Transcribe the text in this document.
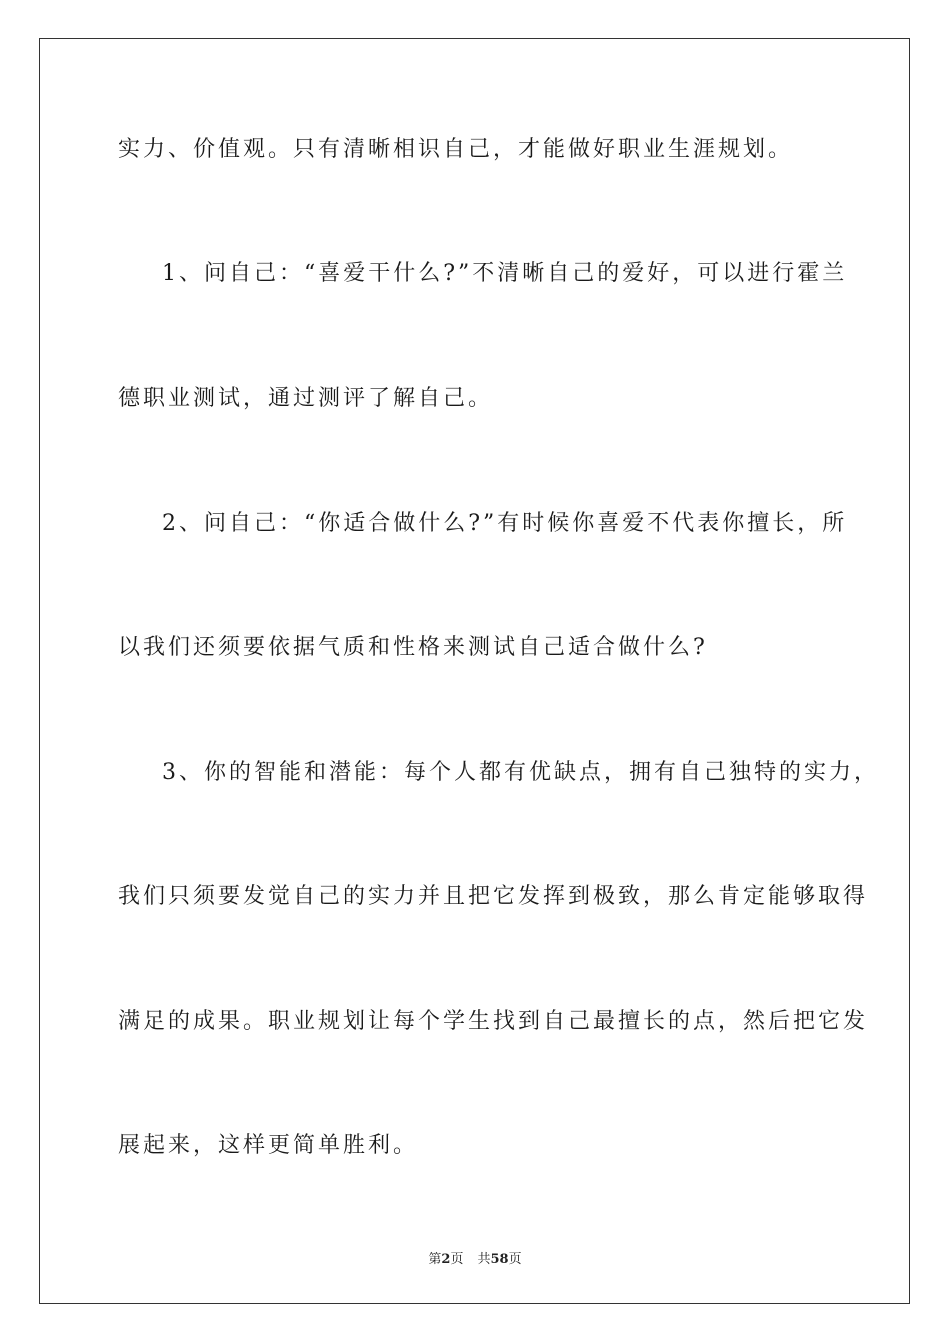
实力、价值观。只有清晰相识自己，才能做好职业生涯规划。
1、问自己：“喜爱干什么?”不清晰自己的爱好，可以进行霍兰
德职业测试，通过测评了解自己。
2、问自己：“你适合做什么?”有时候你喜爱不代表你擅长，所
以我们还须要依据气质和性格来测试自己适合做什么?
3、你的智能和潜能：每个人都有优缺点，拥有自己独特的实力，
我们只须要发觉自己的实力并且把它发挥到极致，那么肯定能够取得
满足的成果。职业规划让每个学生找到自己最擅长的点，然后把它发
展起来，这样更简单胜利。
第2页 共58页
